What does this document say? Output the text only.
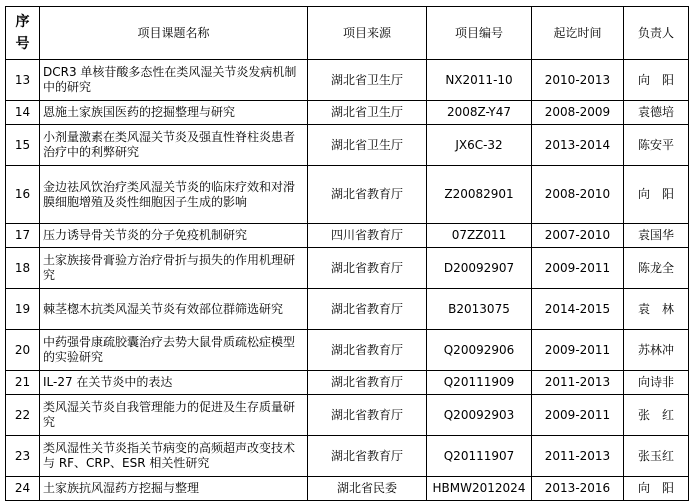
序号	项目课题名称	项目来源	项目编号	起讫时间	负责人
13	DCR3 单核苷酸多态性在类风湿关节炎发病机制中的研究	湖北省卫生厅	NX2011-10	2010-2013	向　阳
14	恩施土家族国医药的挖掘整理与研究	湖北省卫生厅	2008Z-Y47	2008-2009	袁德培
15	小剂量激素在类风湿关节炎及强直性脊柱炎患者治疗中的利弊研究	湖北省卫生厅	JX6C-32	2013-2014	陈安平
16	金边祛风饮治疗类风湿关节炎的临床疗效和对滑膜细胞增殖及炎性细胞因子生成的影响	湖北省教育厅	Z20082901	2008-2010	向　阳
17	压力诱导骨关节炎的分子免疫机制研究	四川省教育厅	07ZZ011	2007-2010	袁国华
18	土家族接骨膏验方治疗骨折与损失的作用机理研究	湖北省教育厅	D20092907	2009-2011	陈龙全
19	棘茎楤木抗类风湿关节炎有效部位群筛选研究	湖北省教育厅	B2013075	2014-2015	袁　林
20	中药强骨康疏胶囊治疗去势大鼠骨质疏松症模型的实验研究	湖北省教育厅	Q20092906	2009-2011	苏林冲
21	IL-27 在关节炎中的表达	湖北省教育厅	Q20111909	2011-2013	向诗非
22	类风湿关节炎自我管理能力的促进及生存质量研究	湖北省教育厅	Q20092903	2009-2011	张　红
23	类风湿性关节炎指关节病变的高频超声改变技术与 RF、CRP、ESR 相关性研究	湖北省教育厅	Q20111907	2011-2013	张玉红
24	土家族抗风湿药方挖掘与整理	湖北省民委	HBMW2012024	2013-2016	向　阳
